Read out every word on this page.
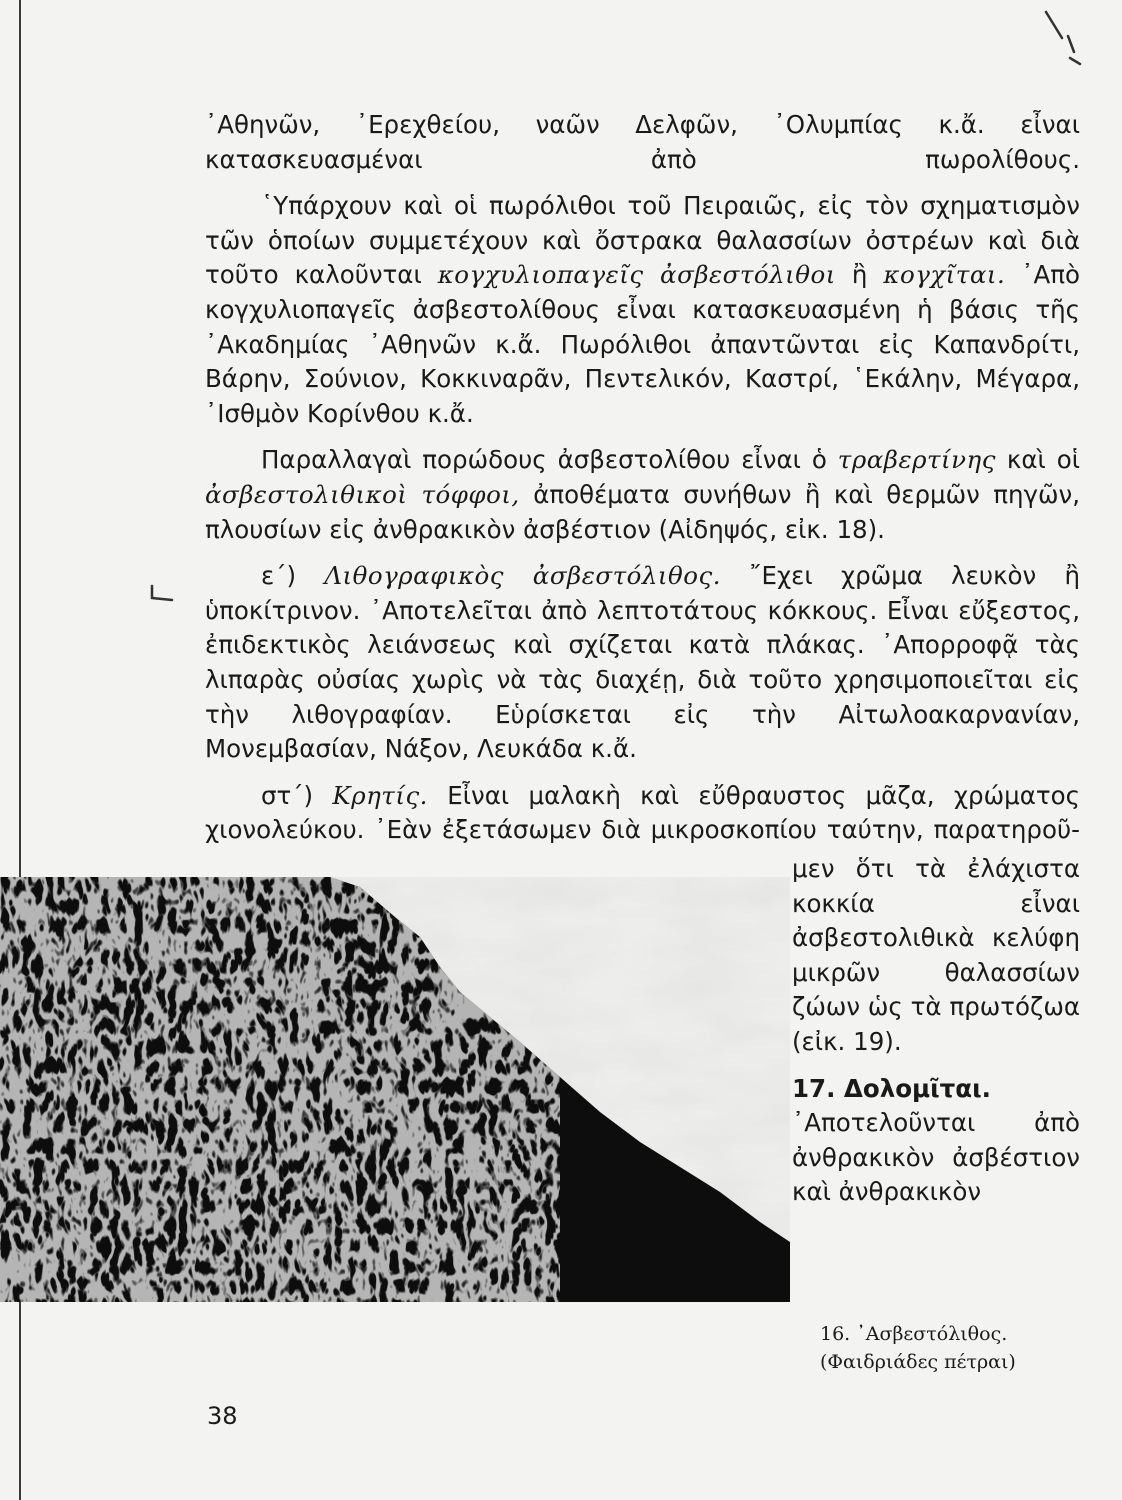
᾿Αθηνῶν, ᾿Ερεχθείου, ναῶν Δελφῶν, ᾿Ολυμπίας κ.ἄ. εἶναι κατασκευασμέναι ἀπὸ πωρολίθους.

῾Υπάρχουν καὶ οἱ πωρόλιθοι τοῦ Πειραιῶς, εἰς τὸν σχηματισμὸν τῶν ὁποίων συμμετέχουν καὶ ὄστρακα θαλασσίων ὀστρέων καὶ διὰ τοῦτο καλοῦνται κογχυλιοπαγεῖς ἀσβεστόλιθοι ἢ κογχῖται. ᾿Απὸ κογχυλιοπαγεῖς ἀσβεστολίθους εἶναι κατασκευασμένη ἡ βάσις τῆς ᾿Ακαδημίας ᾿Αθηνῶν κ.ἄ. Πωρόλιθοι ἀπαντῶνται εἰς Καπανδρίτι, Βάρην, Σούνιον, Κοκκιναρᾶν, Πεντελικόν, Καστρί, ῾Εκάλην, Μέγαρα, ᾿Ισθμὸν Κορίνθου κ.ἄ.

Παραλλαγαὶ πορώδους ἀσβεστολίθου εἶναι ὁ τραβερτίνης καὶ οἱ ἀσβεστολιθικοὶ τόφφοι, ἀποθέματα συνήθων ἢ καὶ θερμῶν πηγῶν, πλουσίων εἰς ἀνθρακικὸν ἀσβέστιον (Αἰδηψός, εἰκ. 18).

ε΄) Λιθογραφικὸς ἀσβεστόλιθος. ῎Εχει χρῶμα λευκὸν ἢ ὑποκίτρινον. ᾿Αποτελεῖται ἀπὸ λεπτοτάτους κόκκους. Εἶναι εὔξεστος, ἐπιδεκτικὸς λειάνσεως καὶ σχίζεται κατὰ πλάκας. ᾿Απορροφᾷ τὰς λιπαρὰς οὐσίας χωρὶς νὰ τὰς διαχέῃ, διὰ τοῦτο χρησιμοποιεῖται εἰς τὴν λιθογραφίαν. Εὑρίσκεται εἰς τὴν Αἰτωλοακαρνανίαν, Μονεμβασίαν, Νάξον, Λευκάδα κ.ἄ.

στ΄) Κρητίς. Εἶναι μαλακὴ καὶ εὔθραυστος μᾶζα, χρώματος χιονολεύκου. ᾿Εὰν ἐξετάσωμεν διὰ μικροσκοπίου ταύτην, παρατηροῦ-

μεν ὅτι τὰ ἐλάχιστα κοκκία εἶναι ἀσβεστολιθικὰ κελύφη μικρῶν θαλασσίων ζώων ὡς τὰ πρωτόζωα (εἰκ. 19).

17. Δολομῖται.
᾿Αποτελοῦνται ἀπὸ ἀνθρακικὸν ἀσβέστιον καὶ ἀνθρακικὸν

16. ᾿Ασβεστόλιθος.
(Φαιδριάδες πέτραι)
38
